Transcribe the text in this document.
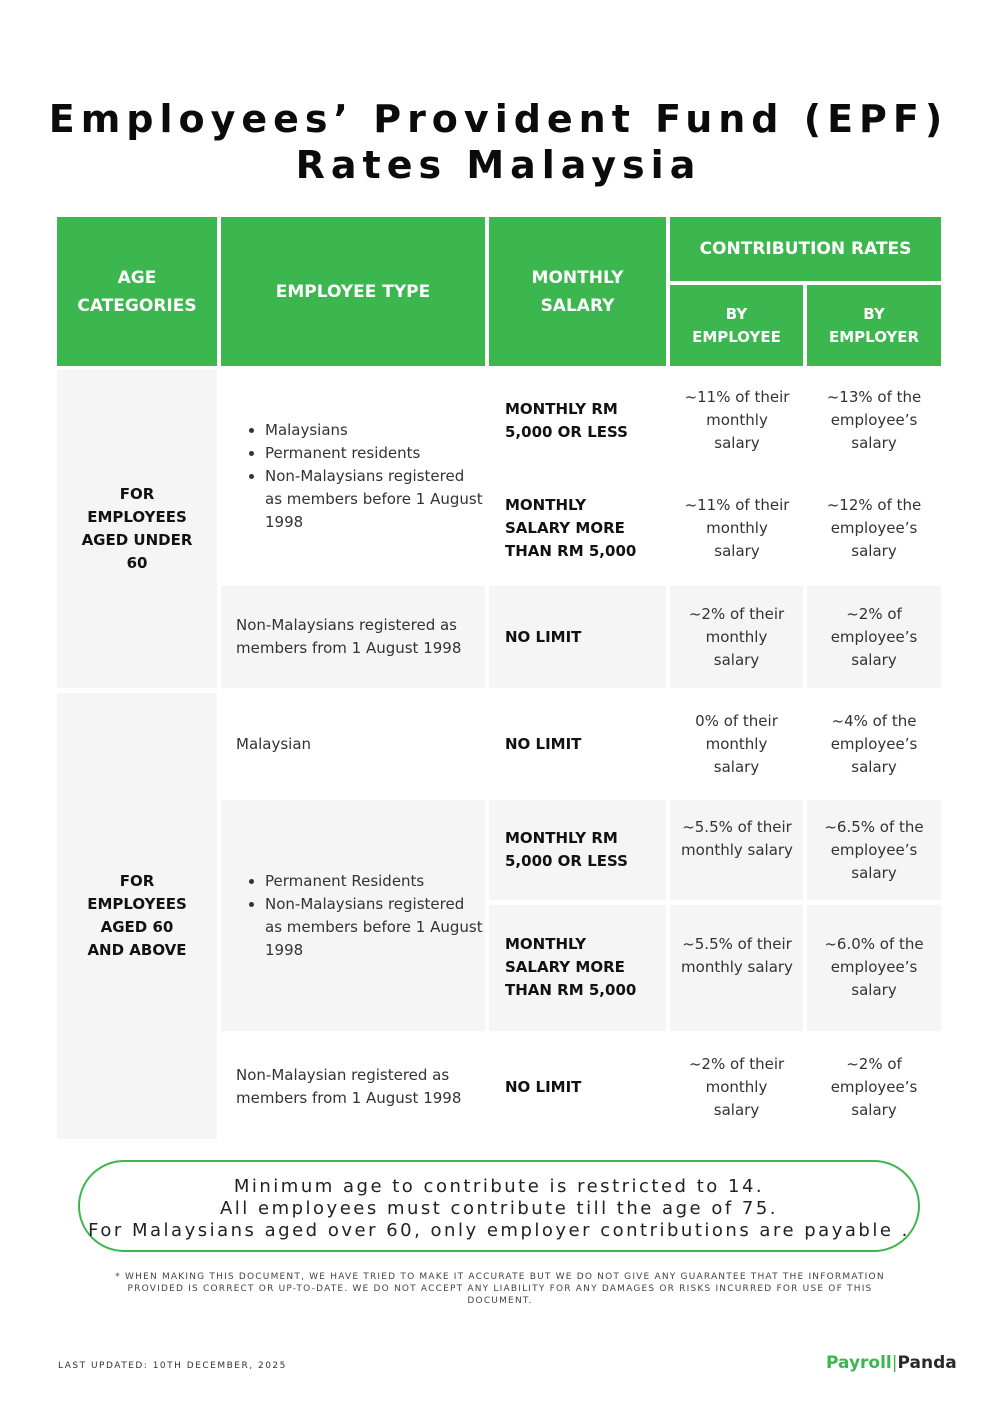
Employees’ Provident Fund (EPF)
Rates Malaysia
AGE CATEGORIES
EMPLOYEE TYPE
MONTHLY SALARY
CONTRIBUTION RATES
BY EMPLOYEE
BY EMPLOYER
FOR EMPLOYEES AGED UNDER 60
• Malaysians
• Permanent residents
• Non-Malaysians registered as members before 1 August 1998
MONTHLY RM 5,000 OR LESS
MONTHLY SALARY MORE THAN RM 5,000
~11% of their monthly salary
~11% of their monthly salary
~13% of the employee’s salary
~12% of the employee’s salary
Non-Malaysians registered as members from 1 August 1998
NO LIMIT
~2% of their monthly salary
~2% of employee’s salary
FOR EMPLOYEES AGED 60 AND ABOVE
Malaysian	NO LIMIT
0% of their monthly salary
~4% of the employee’s salary
• Permanent Residents
• Non-Malaysians registered as members before 1 August 1998
MONTHLY RM 5,000 OR LESS
~5.5% of their monthly salary
~6.5% of the employee’s salary
MONTHLY SALARY MORE THAN RM 5,000
~5.5% of their monthly salary
~6.0% of the employee’s salary
Non-Malaysian registered as members from 1 August 1998
NO LIMIT
~2% of their monthly salary
~2% of employee’s salary
Minimum age to contribute is restricted to 14.
All employees must contribute till the age of 75.
For Malaysians aged over 60, only employer contributions are payable .
* WHEN MAKING THIS DOCUMENT, WE HAVE TRIED TO MAKE IT ACCURATE BUT WE DO NOT GIVE ANY GUARANTEE THAT THE INFORMATION PROVIDED IS CORRECT OR UP-TO-DATE. WE DO NOT ACCEPT ANY LIABILITY FOR ANY DAMAGES OR RISKS INCURRED FOR USE OF THIS DOCUMENT.
LAST UPDATED: 10TH DECEMBER, 2025	Payroll|Panda
